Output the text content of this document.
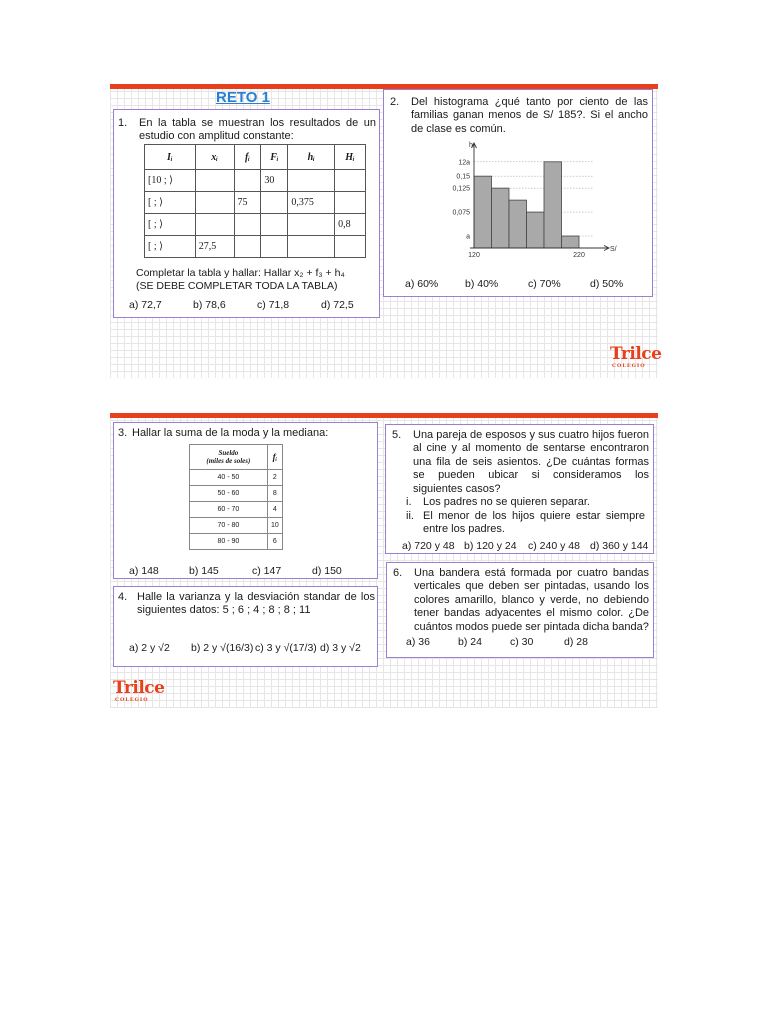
RETO 1
1. En la tabla se muestran los resultados de un estudio con amplitud constante:
Iᵢ	xᵢ	fᵢ	Fᵢ	hᵢ	Hᵢ
[10 ; ⟩			30		
[ ; ⟩		75		0,375	
[ ; ⟩					0,8
[ ; ⟩	27,5				
Completar la tabla y hallar: Hallar x₂ + f₃ + h₄
(SE DEBE COMPLETAR TODA LA TABLA)
a) 72,7	b) 78,6	c) 71,8	d) 72,5
2. Del histograma ¿qué tanto por ciento de las familias ganan menos de S/ 185?. Si el ancho de clase es común.
a
0,075
0,125
0,15
12a
hᵢ
S/
120	220
a) 60%	b) 40%	c) 70%	d) 50%
Trilce
COLEGIO
3. Hallar la suma de la moda y la mediana:
Sueldo
(miles de soles)	fᵢ
40 - 50	2
50 - 60	8
60 - 70	4
70 - 80	10
80 - 90	6
a) 148	b) 145	c) 147	d) 150
4. Halle la varianza y la desviación standar de los siguientes datos: 5 ; 6 ; 4 ; 8 ; 8 ; 11
a) 2 y √2	b) 2 y √(16/3) c) 3 y √(17/3) d) 3 y √2
5. Una pareja de esposos y sus cuatro hijos fueron al cine y al momento de sentarse encontraron una fila de seis asientos. ¿De cuántas formas se pueden ubicar si consideramos los siguientes casos?
i. Los padres no se quieren separar.
ii. El menor de los hijos quiere estar siempre entre los padres.
a) 720 y 48 b) 120 y 24	c) 240 y 48 d) 360 y 144
6. Una bandera está formada por cuatro bandas verticales que deben ser pintadas, usando los colores amarillo, blanco y verde, no debiendo tener bandas adyacentes el mismo color. ¿De cuántos modos puede ser pintada dicha banda?
a) 36	b) 24	c) 30	d) 28
Trilce
COLEGIO
